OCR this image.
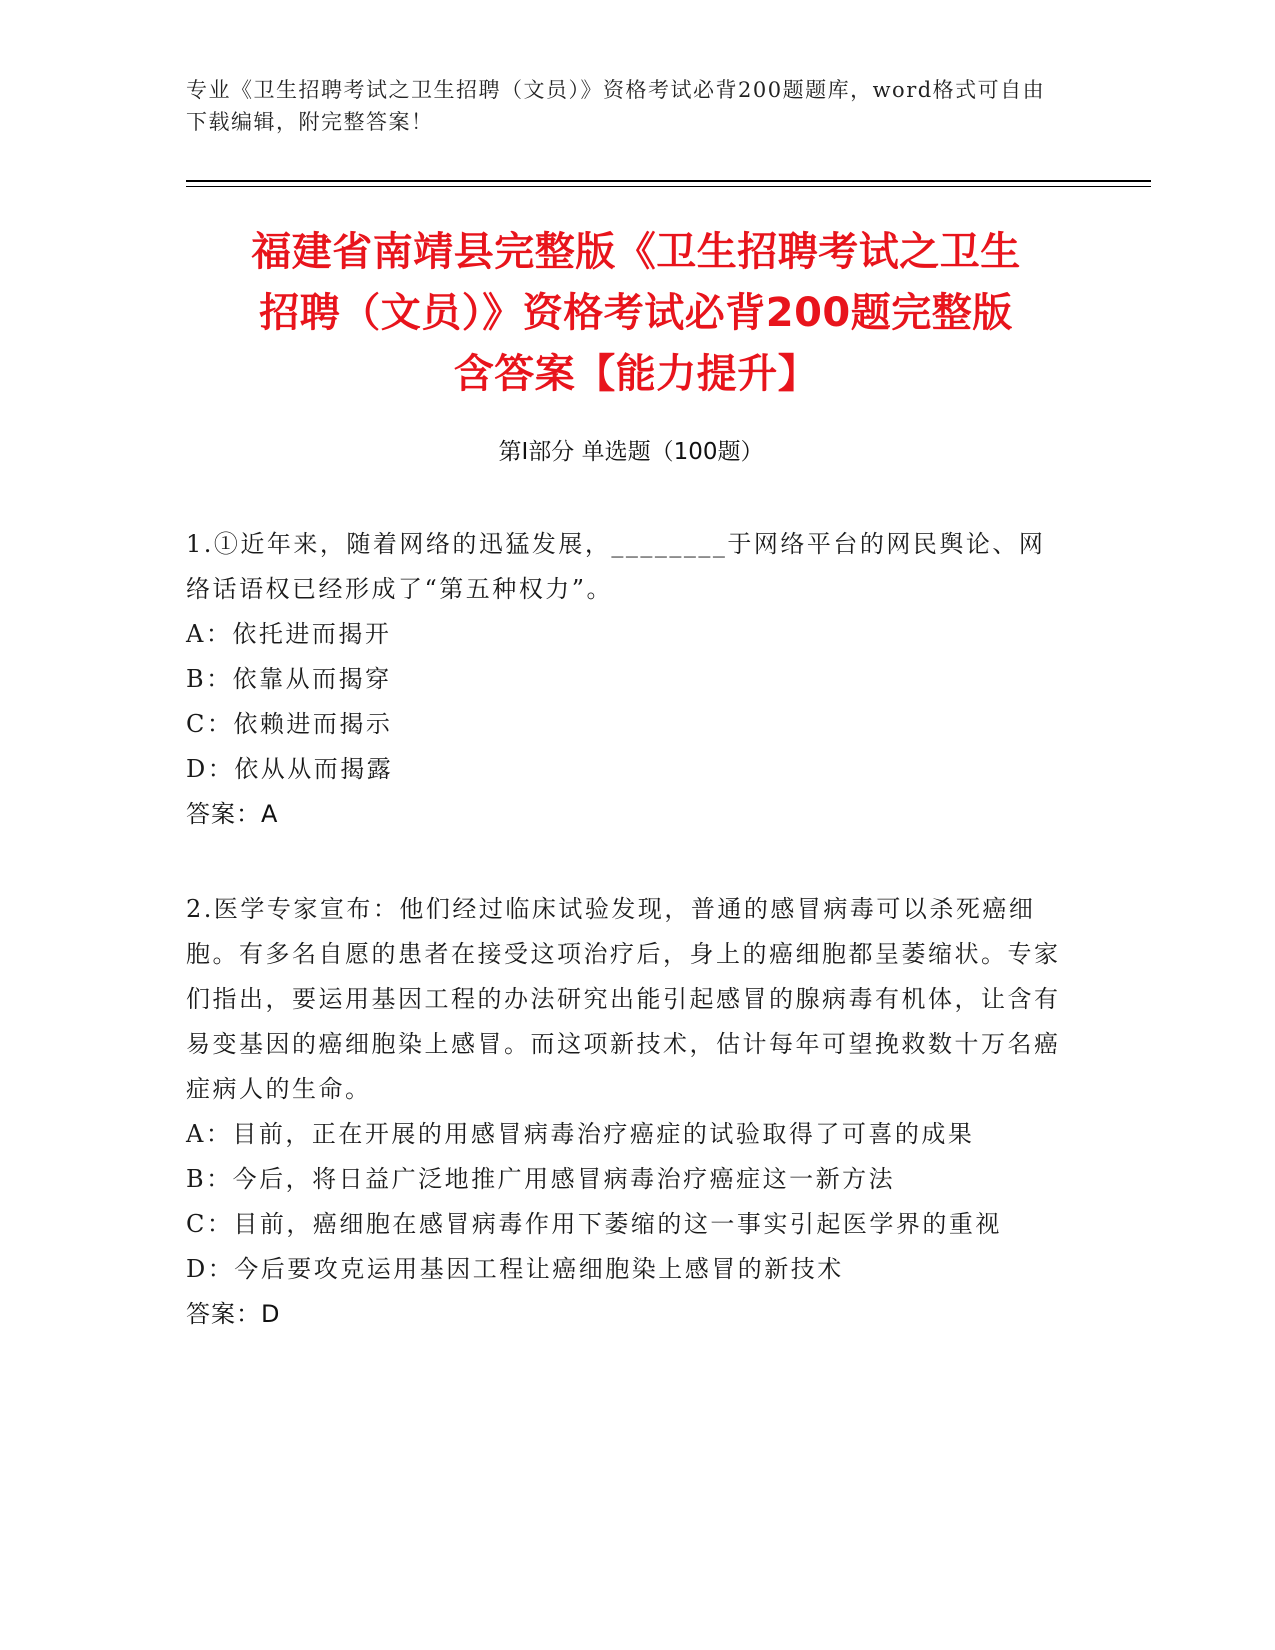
专业《卫生招聘考试之卫生招聘（文员）》资格考试必背200题题库，word格式可自由下载编辑，附完整答案！
福建省南靖县完整版《卫生招聘考试之卫生
招聘（文员）》资格考试必背200题完整版
含答案【能力提升】
第Ⅰ部分 单选题（100题）

1.①近年来，随着网络的迅猛发展，________于网络平台的网民舆论、网络话语权已经形成了“第五种权力”。

A：依托进而揭开

B：依靠从而揭穿

C：依赖进而揭示

D：依从从而揭露

答案：A

2.医学专家宣布：他们经过临床试验发现，普通的感冒病毒可以杀死癌细胞。有多名自愿的患者在接受这项治疗后，身上的癌细胞都呈萎缩状。专家们指出，要运用基因工程的办法研究出能引起感冒的腺病毒有机体，让含有易变基因的癌细胞染上感冒。而这项新技术，估计每年可望挽救数十万名癌症病人的生命。

A：目前，正在开展的用感冒病毒治疗癌症的试验取得了可喜的成果

B：今后，将日益广泛地推广用感冒病毒治疗癌症这一新方法

C：目前，癌细胞在感冒病毒作用下萎缩的这一事实引起医学界的重视

D：今后要攻克运用基因工程让癌细胞染上感冒的新技术

答案：D
